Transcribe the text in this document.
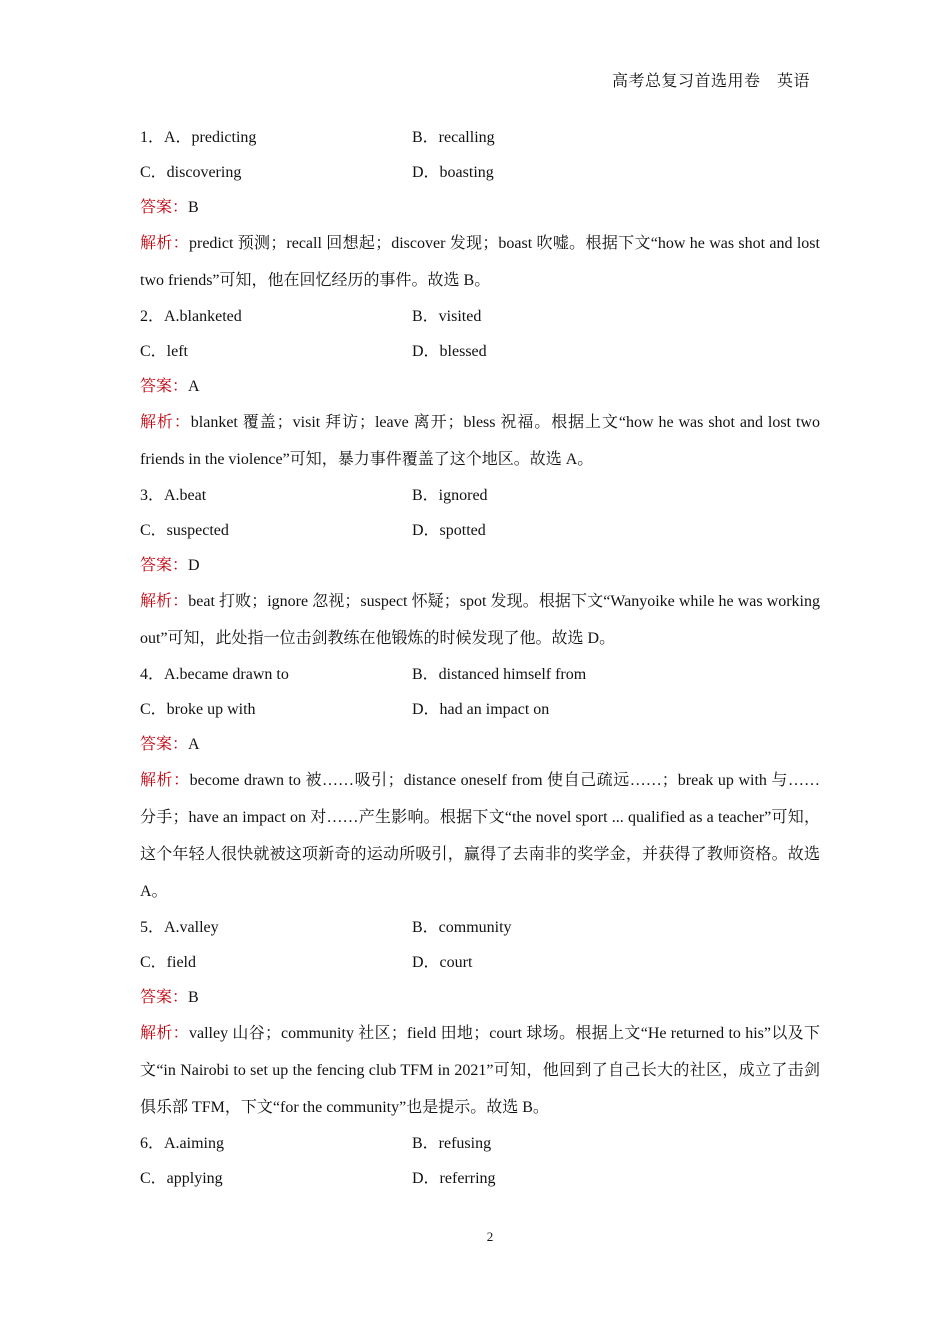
高考总复习首选用卷　英语
1．A．predicting	B．recalling
C．discovering	D．boasting
答案：B
解析：predict 预测；recall 回想起；discover 发现；boast 吹嘘。根据下文“how he was shot and lost two friends”可知，他在回忆经历的事件。故选 B。
2．A.blanketed	B．visited
C．left	D．blessed
答案：A
解析：blanket 覆盖；visit 拜访；leave 离开；bless 祝福。根据上文“how he was shot and lost two friends in the violence”可知，暴力事件覆盖了这个地区。故选 A。
3．A.beat	B．ignored
C．suspected	D．spotted
答案：D
解析：beat 打败；ignore 忽视；suspect 怀疑；spot 发现。根据下文“Wanyoike while he was working out”可知，此处指一位击剑教练在他锻炼的时候发现了他。故选 D。
4．A.became drawn to	B．distanced himself from
C．broke up with	D．had an impact on
答案：A
解析：become drawn to 被……吸引；distance oneself from 使自己疏远……；break up with 与……分手；have an impact on 对……产生影响。根据下文“the novel sport ... qualified as a teacher”可知，这个年轻人很快就被这项新奇的运动所吸引，赢得了去南非的奖学金，并获得了教师资格。故选 A。
5．A.valley	B．community
C．field	D．court
答案：B
解析：valley 山谷；community 社区；field 田地；court 球场。根据上文“He returned to his”以及下文“in Nairobi to set up the fencing club TFM in 2021”可知，他回到了自己长大的社区，成立了击剑俱乐部 TFM，下文“for the community”也是提示。故选 B。
6．A.aiming	B．refusing
C．applying	D．referring
2
